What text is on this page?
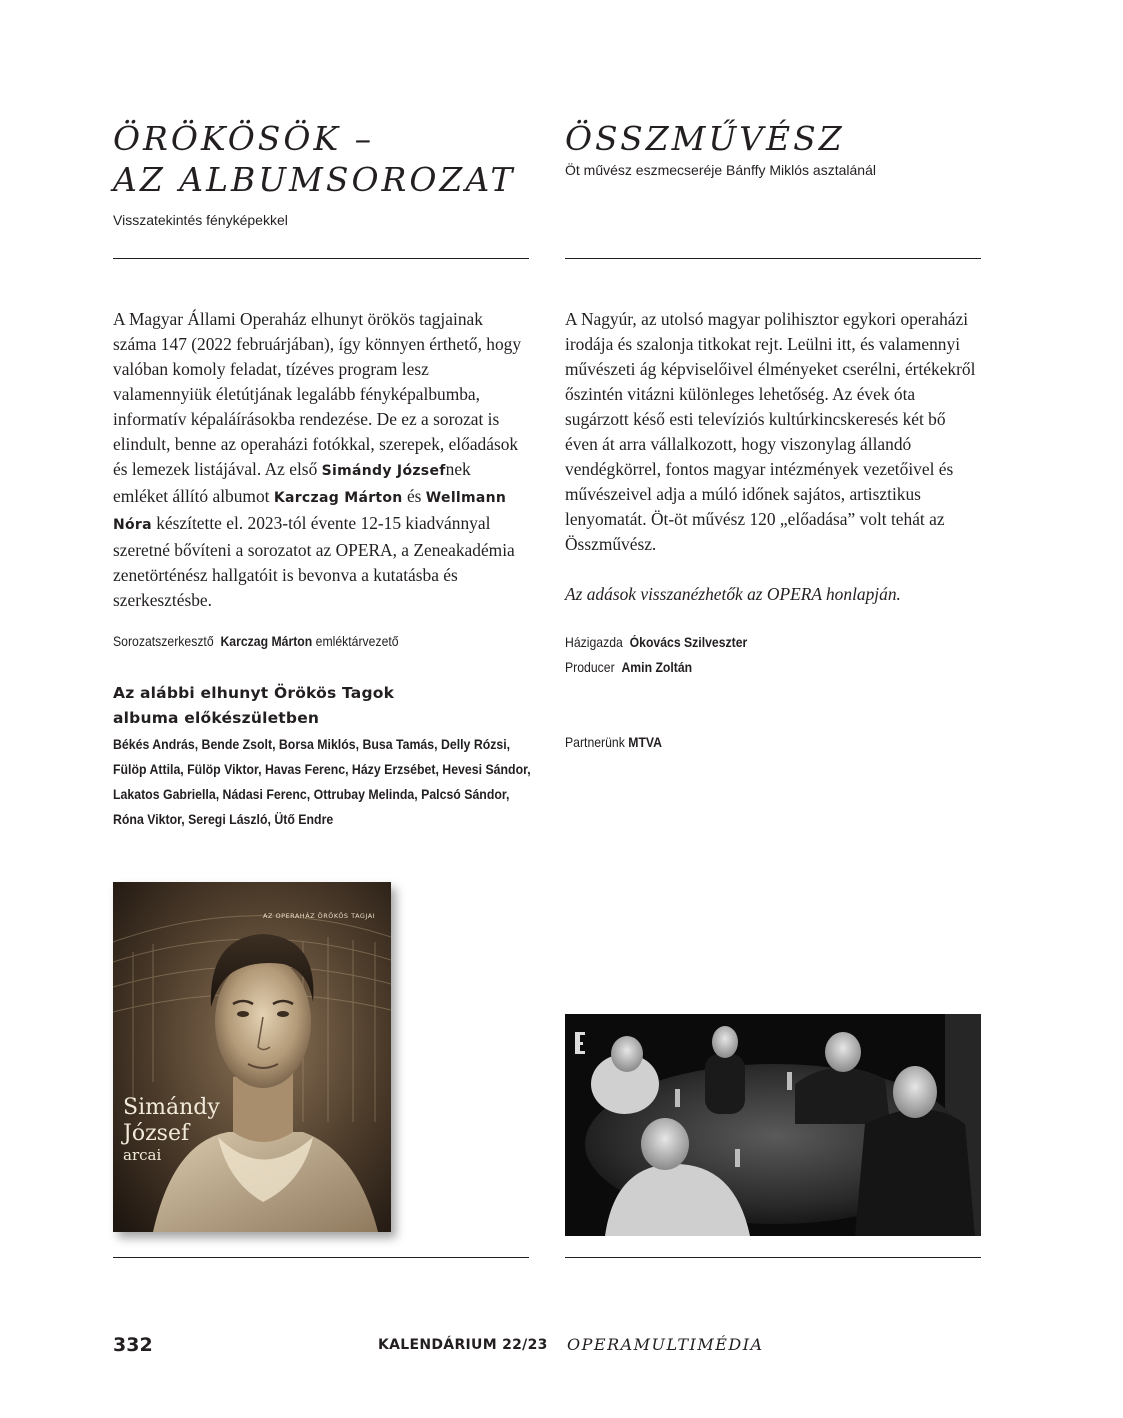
ÖRÖKÖSÖK –
AZ ALBUMSOROZAT
Visszatekintés fényképekkel
A Magyar Állami Operaház elhunyt örökös tagjainak száma 147 (2022 februárjában), így könnyen érthető, hogy valóban komoly feladat, tízéves program lesz valamennyiük életútjának legalább fényképalbumba, informatív képaláírásokba rendezése. De ez a sorozat is elindult, benne az operaházi fotókkal, szerepek, előadások és lemezek listájával. Az első Simándy Józsefnek emléket állító albumot Karczag Márton és Wellmann Nóra készítette el. 2023-tól évente 12-15 kiadvánnyal szeretné bővíteni a sorozatot az OPERA, a Zeneakadémia zenetörténész hallgatóit is bevonva a kutatásba és szerkesztésbe.
Sorozatszerkesztő Karczag Márton emléktárvezető
Az alábbi elhunyt Örökös Tagok
albuma előkészületben
Békés András, Bende Zsolt, Borsa Miklós, Busa Tamás, Delly Rózsi, Fülöp Attila, Fülöp Viktor, Havas Ferenc, Házy Erzsébet, Hevesi Sándor, Lakatos Gabriella, Nádasi Ferenc, Ottrubay Melinda, Palcsó Sándor, Róna Viktor, Seregi László, Ütő Endre
AZ OPERAHÁZ ÖRÖKÖS TAGJAI
Simándy
József
arcai
ÖSSZMŰVÉSZ
Öt művész eszmecseréje Bánffy Miklós asztalánál
A Nagyúr, az utolsó magyar polihisztor egykori operaházi irodája és szalonja titkokat rejt. Leülni itt, és valamennyi művészeti ág képviselőivel élményeket cserélni, értékekről őszintén vitázni különleges lehetőség. Az évek óta sugárzott késő esti televíziós kultúrkincskeresés két bő éven át arra vállalkozott, hogy viszonylag állandó vendégkörrel, fontos magyar intézmények vezetőivel és művészeivel adja a múló időnek sajátos, artisztikus lenyomatát. Öt-öt művész 120 „előadása” volt tehát az Összművész.
Az adások visszanézhetők az OPERA honlapján.
Házigazda Ókovács Szilveszter
Producer Amin Zoltán
Partnerünk MTVA
332	KALENDÁRIUM 22/23 OPERAMULTIMÉDIA
